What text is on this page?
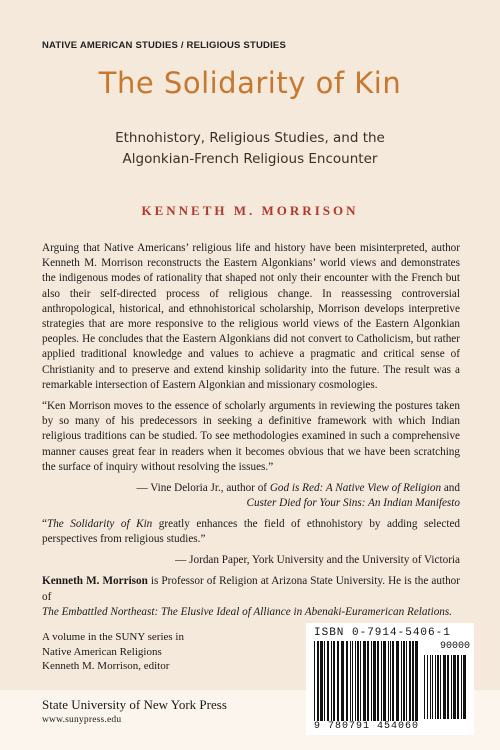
NATIVE AMERICAN STUDIES / RELIGIOUS STUDIES
The Solidarity of Kin
Ethnohistory, Religious Studies, and the
Algonkian-French Religious Encounter
KENNETH M. MORRISON

Arguing that Native Americans’ religious life and history have been misinterpreted, author Kenneth M. Morrison reconstructs the Eastern Algonkians’ world views and demonstrates the indigenous modes of rationality that shaped not only their encounter with the French but also their self-directed process of religious change. In reassessing controversial anthropological, historical, and ethnohistorical scholarship, Morrison develops interpretive strategies that are more responsive to the religious world views of the Eastern Algonkian peoples. He concludes that the Eastern Algonkians did not convert to Catholicism, but rather applied traditional knowledge and values to achieve a pragmatic and critical sense of Christianity and to preserve and extend kinship solidarity into the future. The result was a remarkable intersection of Eastern Algonkian and missionary cosmologies.

“Ken Morrison moves to the essence of scholarly arguments in reviewing the postures taken by so many of his predecessors in seeking a definitive framework with which Indian religious traditions can be studied. To see methodologies examined in such a comprehensive manner causes great fear in readers when it becomes obvious that we have been scratching the surface of inquiry without resolving the issues.”

— Vine Deloria Jr., author of God is Red: A Native View of Religion and
Custer Died for Your Sins: An Indian Manifesto

“The Solidarity of Kin greatly enhances the field of ethnohistory by adding selected perspectives from religious studies.”

— Jordan Paper, York University and the University of Victoria

Kenneth M. Morrison is Professor of Religion at Arizona State University. He is the author of
The Embattled Northeast: The Elusive Ideal of Alliance in Abenaki-Euramerican Relations.

A volume in the SUNY series in
Native American Religions
Kenneth M. Morrison, editor
State University of New York Press
www.sunypress.edu
ISBN 0-7914-5406-1
90000
9 780791 454060
